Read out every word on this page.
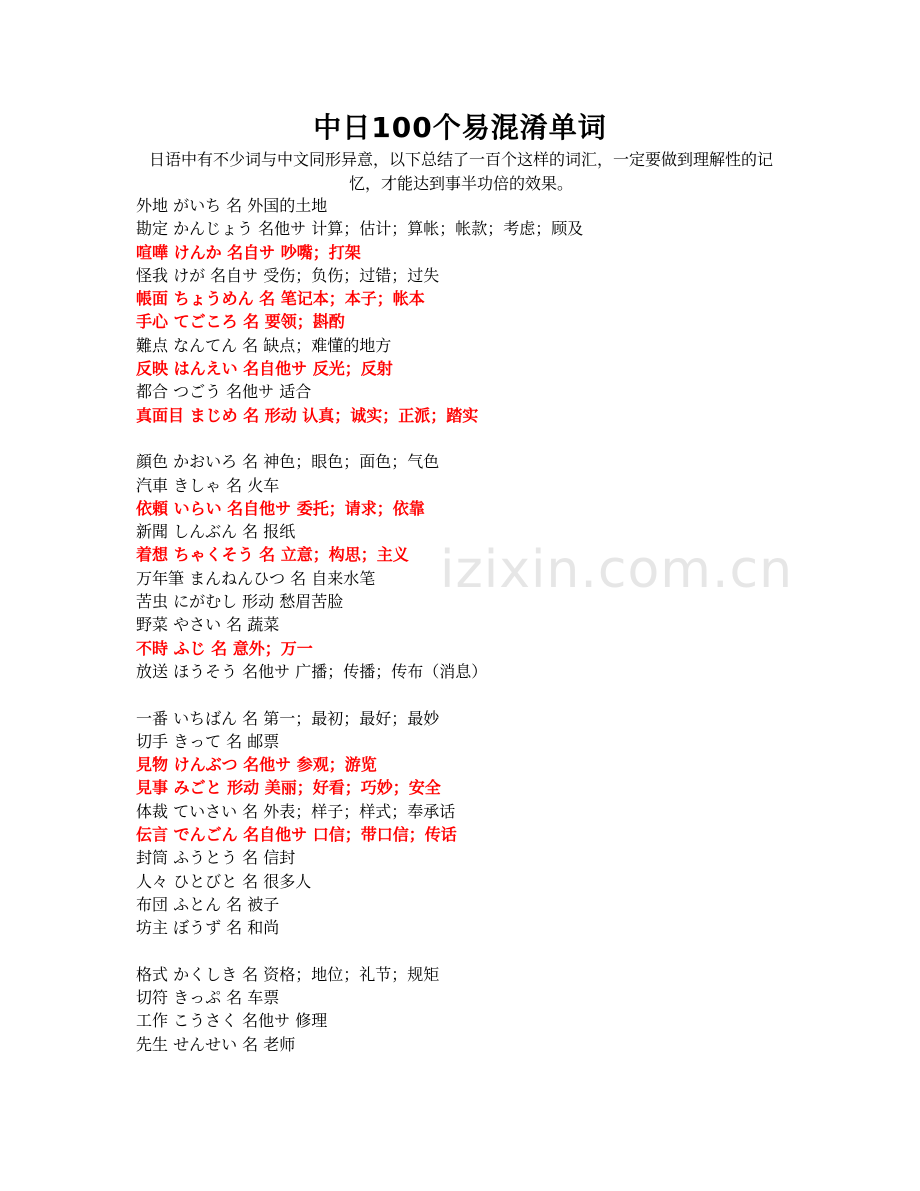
izixin.com.cn
中日100个易混淆单词
日语中有不少词与中文同形异意，以下总结了一百个这样的词汇，一定要做到理解性的记忆，才能达到事半功倍的效果。
外地 がいち 名 外国的土地
勘定 かんじょう 名他サ 计算；估计；算帐；帐款；考虑；顾及
喧嘩 けんか 名自サ 吵嘴；打架
怪我 けが 名自サ 受伤；负伤；过错；过失
帳面 ちょうめん 名 笔记本；本子；帐本
手心 てごころ 名 要领；斟酌
難点 なんてん 名 缺点；难懂的地方
反映 はんえい 名自他サ 反光；反射
都合 つごう 名他サ 适合
真面目 まじめ 名 形动 认真；诚实；正派；踏实
顔色 かおいろ 名 神色；眼色；面色；气色
汽車 きしゃ 名 火车
依頼 いらい 名自他サ 委托；请求；依靠
新聞 しんぶん 名 报纸
着想 ちゃくそう 名 立意；构思；主义
万年筆 まんねんひつ 名 自来水笔
苦虫 にがむし 形动 愁眉苦脸
野菜 やさい 名 蔬菜
不時 ふじ 名 意外；万一
放送 ほうそう 名他サ 广播；传播；传布（消息）
一番 いちばん 名 第一；最初；最好；最妙
切手 きって 名 邮票
見物 けんぶつ 名他サ 参观；游览
見事 みごと 形动 美丽；好看；巧妙；安全
体裁 ていさい 名 外表；样子；样式；奉承话
伝言 でんごん 名自他サ 口信；带口信；传话
封筒 ふうとう 名 信封
人々 ひとびと 名 很多人
布団 ふとん 名 被子
坊主 ぼうず 名 和尚
格式 かくしき 名 资格；地位；礼节；规矩
切符 きっぷ 名 车票
工作 こうさく 名他サ 修理
先生 せんせい 名 老师
